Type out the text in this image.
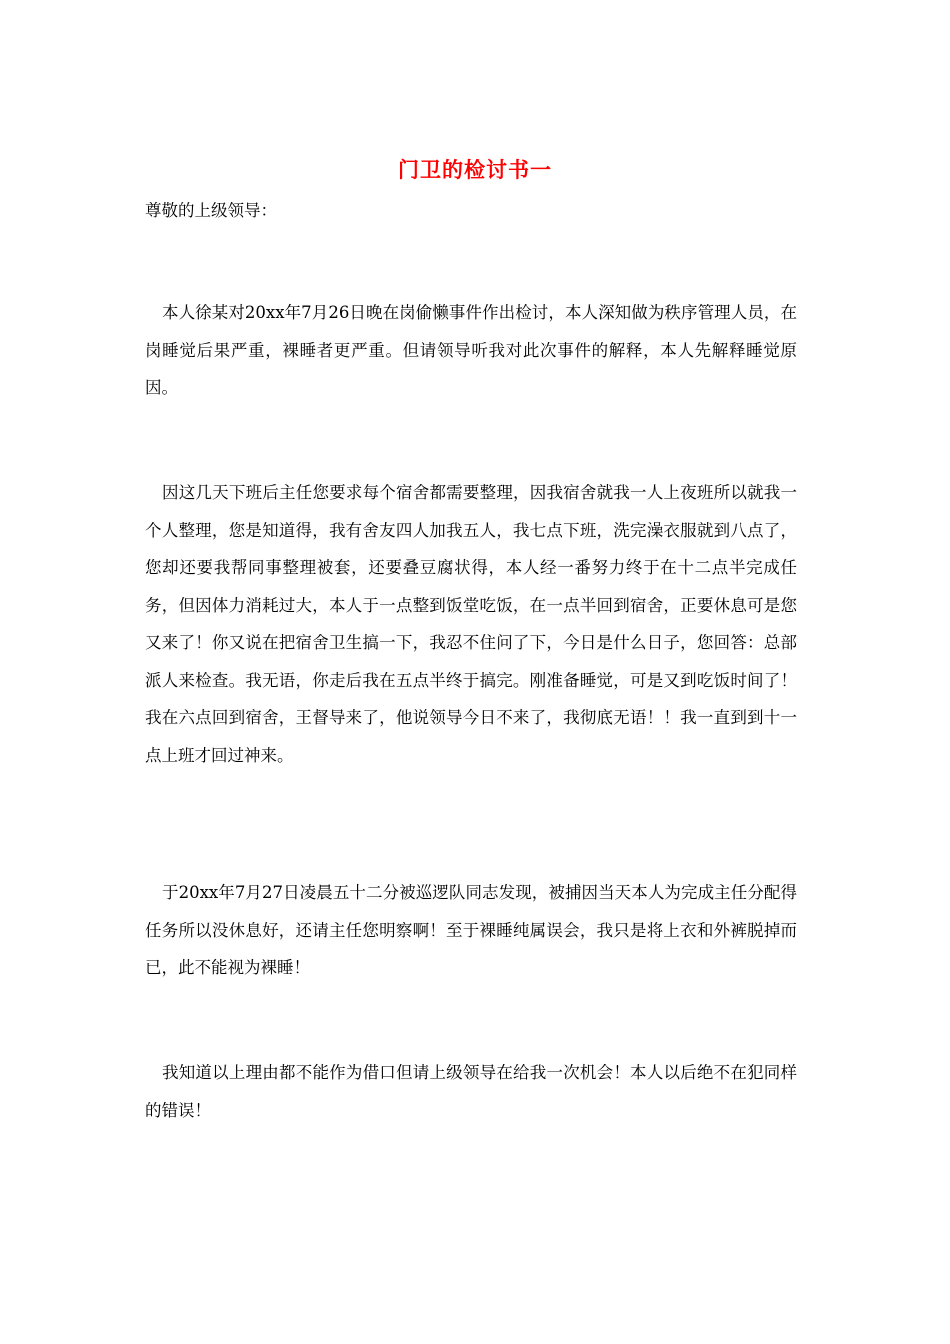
门卫的检讨书一
尊敬的上级领导：
本人徐某对20xx年7月26日晚在岗偷懒事件作出检讨，本人深知做为秩序管理人员，在岗睡觉后果严重，裸睡者更严重。但请领导听我对此次事件的解释，本人先解释睡觉原因。
因这几天下班后主任您要求每个宿舍都需要整理，因我宿舍就我一人上夜班所以就我一个人整理，您是知道得，我有舍友四人加我五人，我七点下班，洗完澡衣服就到八点了，您却还要我帮同事整理被套，还要叠豆腐状得，本人经一番努力终于在十二点半完成任务，但因体力消耗过大，本人于一点整到饭堂吃饭，在一点半回到宿舍，正要休息可是您又来了！你又说在把宿舍卫生搞一下，我忍不住问了下，今日是什么日子，您回答：总部派人来检查。我无语，你走后我在五点半终于搞完。刚准备睡觉，可是又到吃饭时间了！我在六点回到宿舍，王督导来了，他说领导今日不来了，我彻底无语！！我一直到到十一点上班才回过神来。
于20xx年7月27日凌晨五十二分被巡逻队同志发现，被捕因当天本人为完成主任分配得任务所以没休息好，还请主任您明察啊！至于裸睡纯属误会，我只是将上衣和外裤脱掉而已，此不能视为裸睡！
我知道以上理由都不能作为借口但请上级领导在给我一次机会！本人以后绝不在犯同样的错误！
